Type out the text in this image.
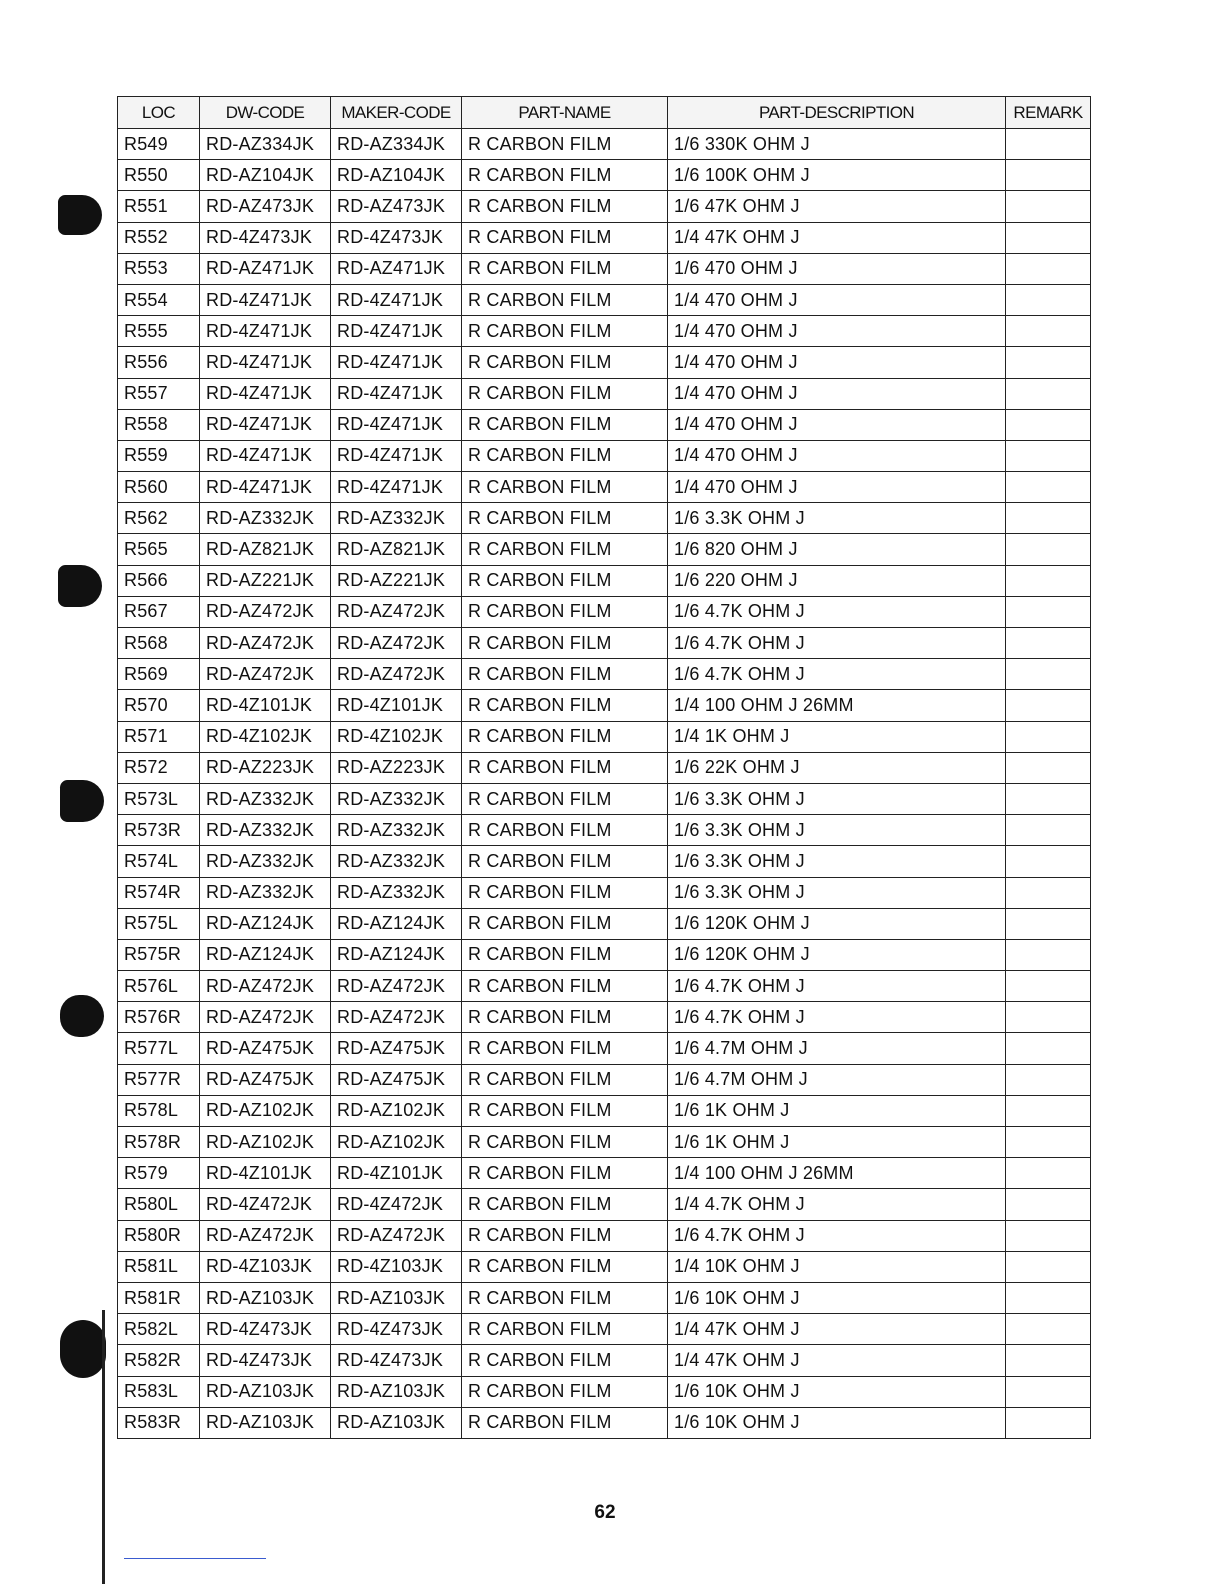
LOC	DW-CODE	MAKER-CODE	PART-NAME	PART-DESCRIPTION	REMARK
R549	RD-AZ334JK	RD-AZ334JK	R CARBON FILM	1/6 330K OHM J	
R550	RD-AZ104JK	RD-AZ104JK	R CARBON FILM	1/6 100K OHM J	
R551	RD-AZ473JK	RD-AZ473JK	R CARBON FILM	1/6 47K OHM J	
R552	RD-4Z473JK	RD-4Z473JK	R CARBON FILM	1/4 47K OHM J	
R553	RD-AZ471JK	RD-AZ471JK	R CARBON FILM	1/6 470 OHM J	
R554	RD-4Z471JK	RD-4Z471JK	R CARBON FILM	1/4 470 OHM J	
R555	RD-4Z471JK	RD-4Z471JK	R CARBON FILM	1/4 470 OHM J	
R556	RD-4Z471JK	RD-4Z471JK	R CARBON FILM	1/4 470 OHM J	
R557	RD-4Z471JK	RD-4Z471JK	R CARBON FILM	1/4 470 OHM J	
R558	RD-4Z471JK	RD-4Z471JK	R CARBON FILM	1/4 470 OHM J	
R559	RD-4Z471JK	RD-4Z471JK	R CARBON FILM	1/4 470 OHM J	
R560	RD-4Z471JK	RD-4Z471JK	R CARBON FILM	1/4 470 OHM J	
R562	RD-AZ332JK	RD-AZ332JK	R CARBON FILM	1/6 3.3K OHM J	
R565	RD-AZ821JK	RD-AZ821JK	R CARBON FILM	1/6 820 OHM J	
R566	RD-AZ221JK	RD-AZ221JK	R CARBON FILM	1/6 220 OHM J	
R567	RD-AZ472JK	RD-AZ472JK	R CARBON FILM	1/6 4.7K OHM J	
R568	RD-AZ472JK	RD-AZ472JK	R CARBON FILM	1/6 4.7K OHM J	
R569	RD-AZ472JK	RD-AZ472JK	R CARBON FILM	1/6 4.7K OHM J	
R570	RD-4Z101JK	RD-4Z101JK	R CARBON FILM	1/4 100 OHM J 26MM	
R571	RD-4Z102JK	RD-4Z102JK	R CARBON FILM	1/4 1K OHM J	
R572	RD-AZ223JK	RD-AZ223JK	R CARBON FILM	1/6 22K OHM J	
R573L	RD-AZ332JK	RD-AZ332JK	R CARBON FILM	1/6 3.3K OHM J	
R573R	RD-AZ332JK	RD-AZ332JK	R CARBON FILM	1/6 3.3K OHM J	
R574L	RD-AZ332JK	RD-AZ332JK	R CARBON FILM	1/6 3.3K OHM J	
R574R	RD-AZ332JK	RD-AZ332JK	R CARBON FILM	1/6 3.3K OHM J	
R575L	RD-AZ124JK	RD-AZ124JK	R CARBON FILM	1/6 120K OHM J	
R575R	RD-AZ124JK	RD-AZ124JK	R CARBON FILM	1/6 120K OHM J	
R576L	RD-AZ472JK	RD-AZ472JK	R CARBON FILM	1/6 4.7K OHM J	
R576R	RD-AZ472JK	RD-AZ472JK	R CARBON FILM	1/6 4.7K OHM J	
R577L	RD-AZ475JK	RD-AZ475JK	R CARBON FILM	1/6 4.7M OHM J	
R577R	RD-AZ475JK	RD-AZ475JK	R CARBON FILM	1/6 4.7M OHM J	
R578L	RD-AZ102JK	RD-AZ102JK	R CARBON FILM	1/6 1K OHM J	
R578R	RD-AZ102JK	RD-AZ102JK	R CARBON FILM	1/6 1K OHM J	
R579	RD-4Z101JK	RD-4Z101JK	R CARBON FILM	1/4 100 OHM J 26MM	
R580L	RD-4Z472JK	RD-4Z472JK	R CARBON FILM	1/4 4.7K OHM J	
R580R	RD-AZ472JK	RD-AZ472JK	R CARBON FILM	1/6 4.7K OHM J	
R581L	RD-4Z103JK	RD-4Z103JK	R CARBON FILM	1/4 10K OHM J	
R581R	RD-AZ103JK	RD-AZ103JK	R CARBON FILM	1/6 10K OHM J	
R582L	RD-4Z473JK	RD-4Z473JK	R CARBON FILM	1/4 47K OHM J	
R582R	RD-4Z473JK	RD-4Z473JK	R CARBON FILM	1/4 47K OHM J	
R583L	RD-AZ103JK	RD-AZ103JK	R CARBON FILM	1/6 10K OHM J	
R583R	RD-AZ103JK	RD-AZ103JK	R CARBON FILM	1/6 10K OHM J	
62
